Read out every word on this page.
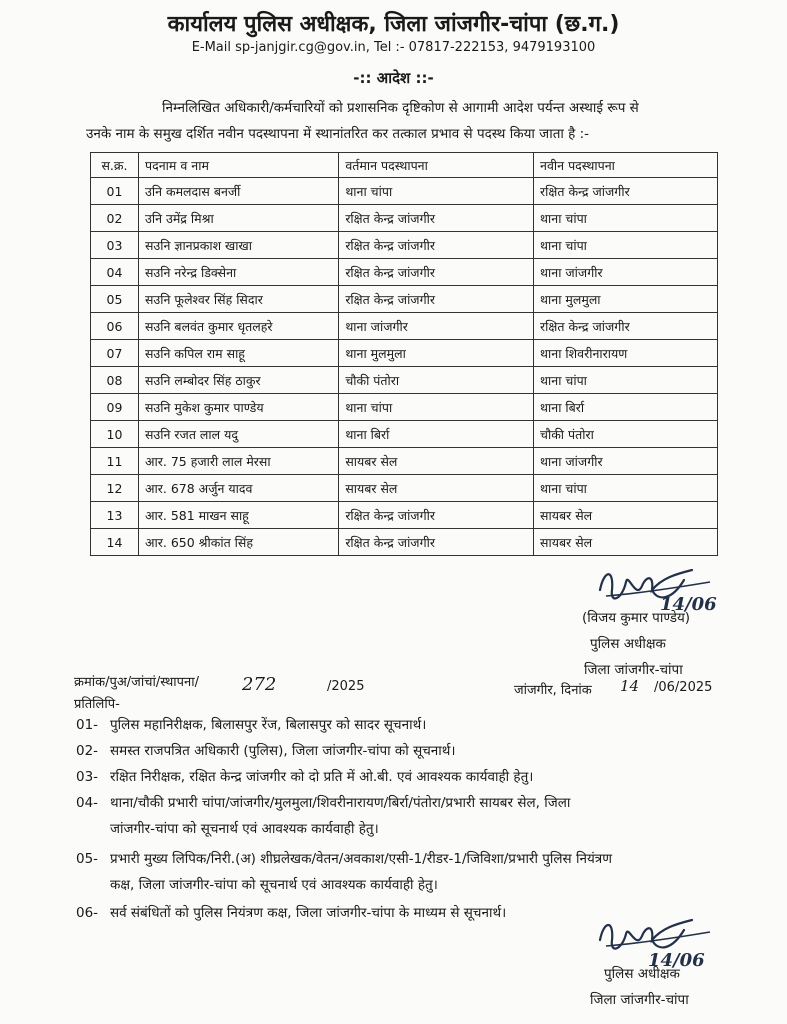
कार्यालय पुलिस अधीक्षक, जिला जांजगीर-चांपा (छ.ग.)
E-Mail sp-janjgir.cg@gov.in, Tel :- 07817-222153, 9479193100
-:: आदेश ::-
निम्नलिखित अधिकारी/कर्मचारियों को प्रशासनिक दृष्टिकोण से आगामी आदेश पर्यन्त अस्थाई रूप से
उनके नाम के समुख दर्शित नवीन पदस्थापना में स्थानांतरित कर तत्काल प्रभाव से पदस्थ किया जाता है :-
स.क्र.	पदनाम व नाम	वर्तमान पदस्थापना	नवीन पदस्थापना
01	उनि कमलदास बनर्जी	थाना चांपा	रक्षित केन्द्र जांजगीर
02	उनि उमेंद्र मिश्रा	रक्षित केन्द्र जांजगीर	थाना चांपा
03	सउनि ज्ञानप्रकाश खाखा	रक्षित केन्द्र जांजगीर	थाना चांपा
04	सउनि नरेन्द्र डिक्सेना	रक्षित केन्द्र जांजगीर	थाना जांजगीर
05	सउनि फूलेश्वर सिंह सिदार	रक्षित केन्द्र जांजगीर	थाना मुलमुला
06	सउनि बलवंत कुमार धृतलहरे	थाना जांजगीर	रक्षित केन्द्र जांजगीर
07	सउनि कपिल राम साहू	थाना मुलमुला	थाना शिवरीनारायण
08	सउनि लम्बोदर सिंह ठाकुर	चौकी पंतोरा	थाना चांपा
09	सउनि मुकेश कुमार पाण्डेय	थाना चांपा	थाना बिर्रा
10	सउनि रजत लाल यदु	थाना बिर्रा	चौकी पंतोरा
11	आर. 75 हजारी लाल मेरसा	सायबर सेल	थाना जांजगीर
12	आर. 678 अर्जुन यादव	सायबर सेल	थाना चांपा
13	आर. 581 माखन साहू	रक्षित केन्द्र जांजगीर	सायबर सेल
14	आर. 650 श्रीकांत सिंह	रक्षित केन्द्र जांजगीर	सायबर सेल
14/06
(विजय कुमार पाण्डेय)
पुलिस अधीक्षक
जिला जांजगीर-चांपा
क्रमांक/पुअ/जांचां/स्थापना/ 272	/2025	जांजगीर, दिनांक 14 /06/2025
प्रतिलिपि-
01- पुलिस महानिरीक्षक, बिलासपुर रेंज, बिलासपुर को सादर सूचनार्थ।
02- समस्त राजपत्रित अधिकारी (पुलिस), जिला जांजगीर-चांपा को सूचनार्थ।
03- रक्षित निरीक्षक, रक्षित केन्द्र जांजगीर को दो प्रति में ओ.बी. एवं आवश्यक कार्यवाही हेतु।
04- थाना/चौकी प्रभारी चांपा/जांजगीर/मुलमुला/शिवरीनारायण/बिर्रा/पंतोरा/प्रभारी सायबर सेल, जिला
जांजगीर-चांपा को सूचनार्थ एवं आवश्यक कार्यवाही हेतु।
05- प्रभारी मुख्य लिपिक/निरी.(अ) शीघ्रलेखक/वेतन/अवकाश/एसी-1/रीडर-1/जिविशा/प्रभारी पुलिस नियंत्रण
कक्ष, जिला जांजगीर-चांपा को सूचनार्थ एवं आवश्यक कार्यवाही हेतु।
06- सर्व संबंधितों को पुलिस नियंत्रण कक्ष, जिला जांजगीर-चांपा के माध्यम से सूचनार्थ।
14/06
पुलिस अधीक्षक
जिला जांजगीर-चांपा
